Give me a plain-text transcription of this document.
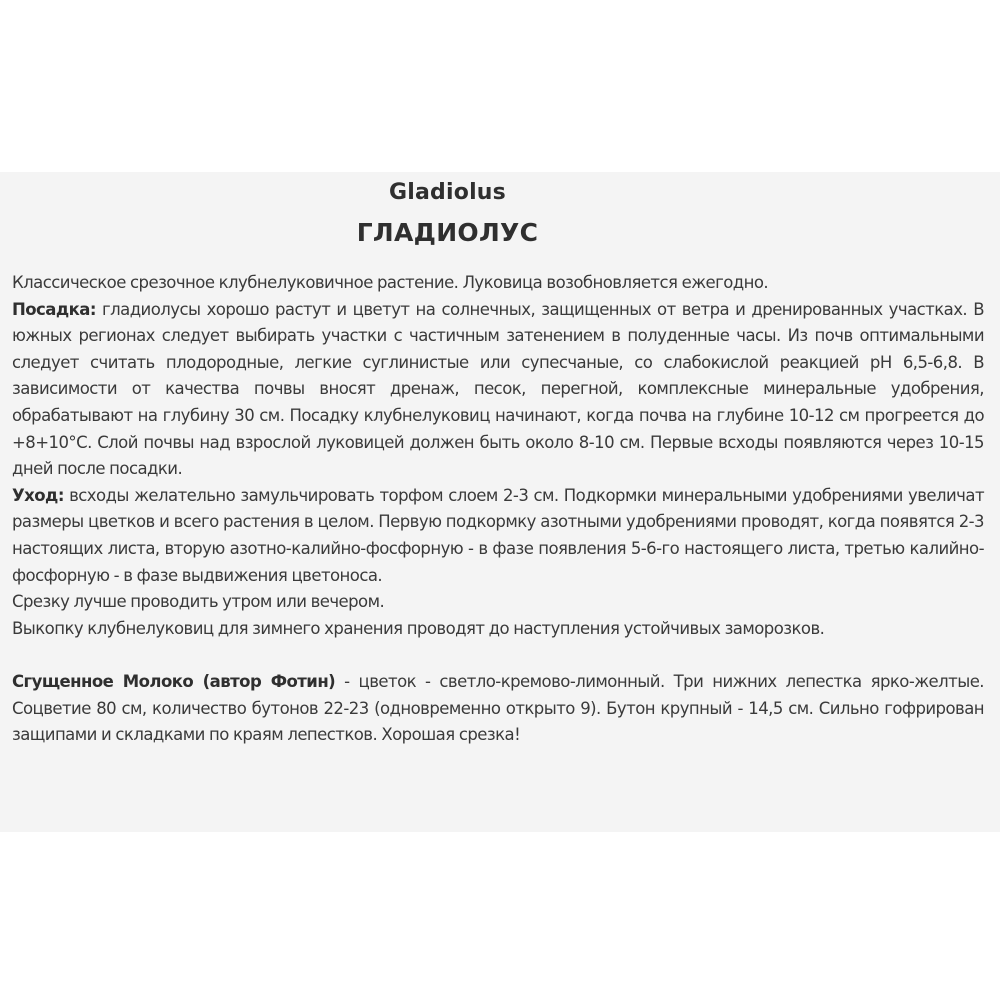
Gladiolus
ГЛАДИОЛУС

Классическое срезочное клубнелуковичное растение. Луковица возобновляется ежегодно.

Посадка: гладиолусы хорошо растут и цветут на солнечных, защищенных от ветра и дренированных участках. В южных регионах следует выбирать участки с частичным затенением в полуденные часы. Из почв оптимальными следует считать плодородные, легкие суглинистые или супесчаные, со слабокислой реакцией рН 6,5-6,8. В зависимости от качества почвы вносят дренаж, песок, перегной, комплексные минеральные удобрения, обрабатывают на глубину 30 см. Посадку клубнелуковиц начинают, когда почва на глубине 10-12 см прогреется до +8+10°С. Слой почвы над взрослой луковицей должен быть около 8-10 см. Первые всходы появляются через 10-15 дней после посадки.

Уход: всходы желательно замульчировать торфом слоем 2-3 см. Подкормки минеральными удобрениями увеличат размеры цветков и всего растения в целом. Первую подкормку азотными удобрениями проводят, когда появятся 2-3 настоящих листа, вторую азотно-калийно-фосфорную - в фазе появления 5-6-го настоящего листа, третью калийно-фосфорную - в фазе выдвижения цветоноса.

Срезку лучше проводить утром или вечером.

Выкопку клубнелуковиц для зимнего хранения проводят до наступления устойчивых заморозков.

Сгущенное Молоко (автор Фотин) - цветок - светло-кремово-лимонный. Три нижних лепестка ярко-желтые. Соцветие 80 см, количество бутонов 22-23 (одновременно открыто 9). Бутон крупный - 14,5 см. Сильно гофрирован защипами и складками по краям лепестков. Хорошая срезка!
